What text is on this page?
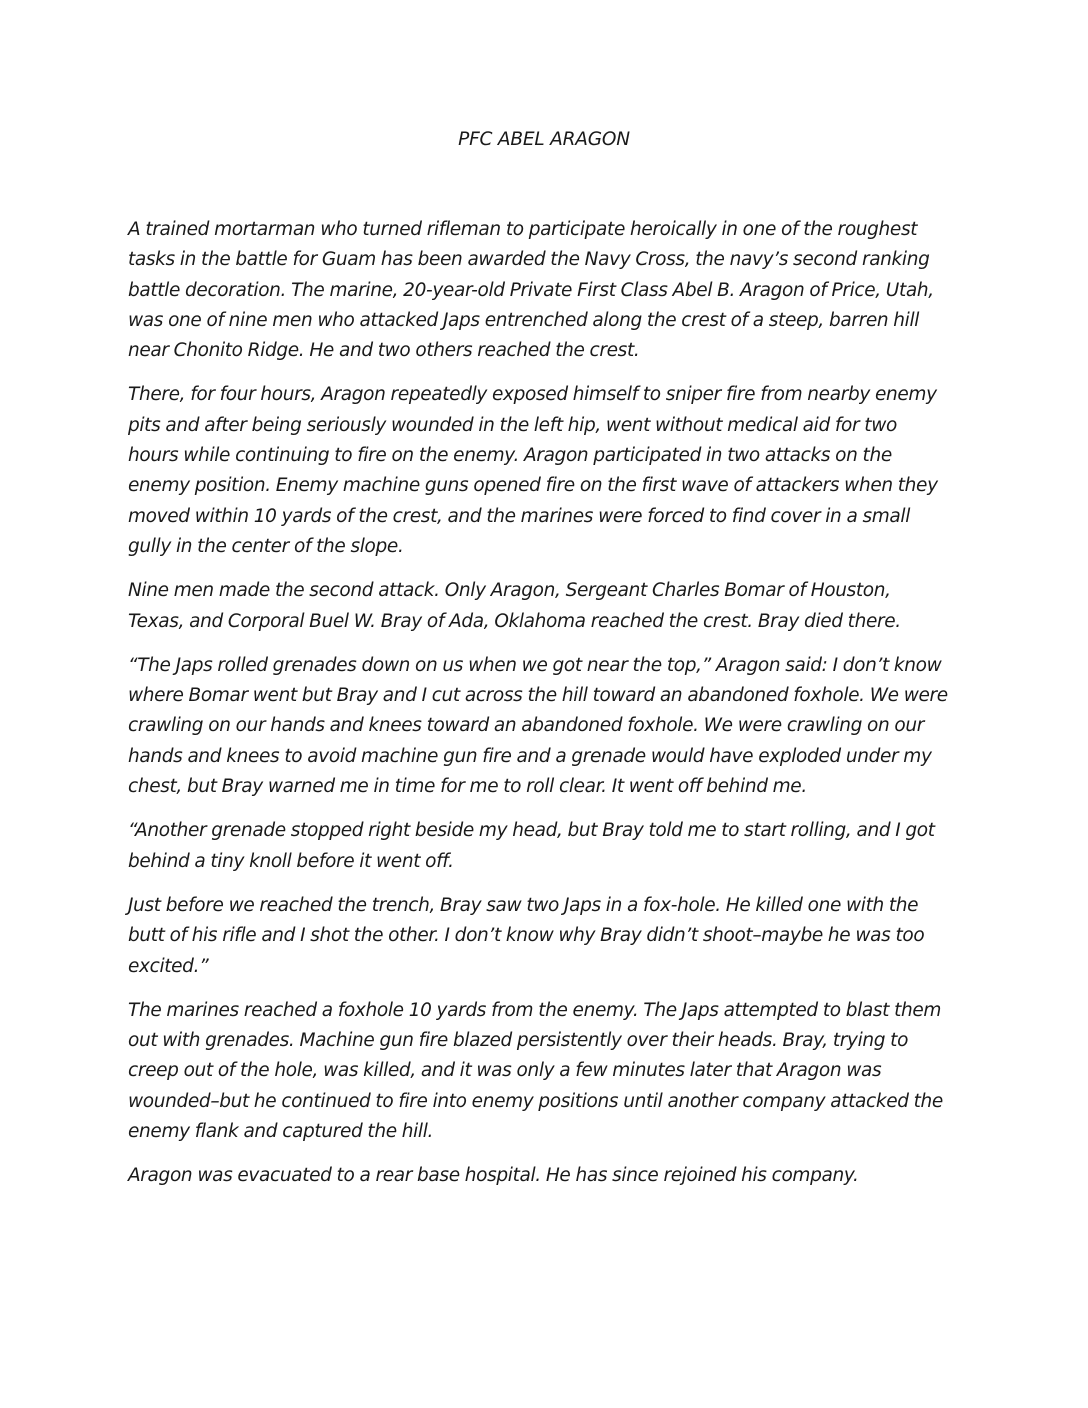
PFC ABEL ARAGON

A trained mortarman who turned rifleman to participate heroically in one of the roughest
tasks in the battle for Guam has been awarded the Navy Cross, the navy’s second ranking
battle decoration. The marine, 20-year-old Private First Class Abel B. Aragon of Price, Utah,
was one of nine men who attacked Japs entrenched along the crest of a steep, barren hill
near Chonito Ridge. He and two others reached the crest.

There, for four hours, Aragon repeatedly exposed himself to sniper fire from nearby enemy
pits and after being seriously wounded in the left hip, went without medical aid for two
hours while continuing to fire on the enemy. Aragon participated in two attacks on the
enemy position. Enemy machine guns opened fire on the first wave of attackers when they
moved within 10 yards of the crest, and the marines were forced to find cover in a small
gully in the center of the slope.

Nine men made the second attack. Only Aragon, Sergeant Charles Bomar of Houston,
Texas, and Corporal Buel W. Bray of Ada, Oklahoma reached the crest. Bray died there.

“The Japs rolled grenades down on us when we got near the top,” Aragon said: I don’t know
where Bomar went but Bray and I cut across the hill toward an abandoned foxhole. We were
crawling on our hands and knees toward an abandoned foxhole. We were crawling on our
hands and knees to avoid machine gun fire and a grenade would have exploded under my
chest, but Bray warned me in time for me to roll clear. It went off behind me.

“Another grenade stopped right beside my head, but Bray told me to start rolling, and I got
behind a tiny knoll before it went off.

Just before we reached the trench, Bray saw two Japs in a fox-hole. He killed one with the
butt of his rifle and I shot the other. I don’t know why Bray didn’t shoot–maybe he was too
excited.”

The marines reached a foxhole 10 yards from the enemy. The Japs attempted to blast them
out with grenades. Machine gun fire blazed persistently over their heads. Bray, trying to
creep out of the hole, was killed, and it was only a few minutes later that Aragon was
wounded–but he continued to fire into enemy positions until another company attacked the
enemy flank and captured the hill.

Aragon was evacuated to a rear base hospital. He has since rejoined his company.
